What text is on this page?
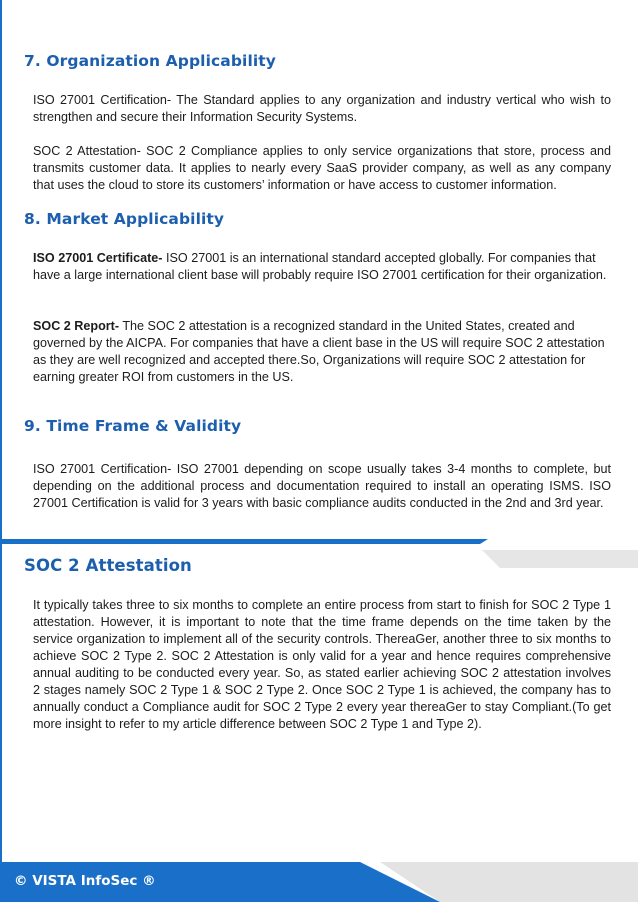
7. Organization Applicability

ISO 27001 Certification- The Standard applies to any organization and industry vertical who wish to strengthen and secure their Information Security Systems.

SOC 2 Attestation- SOC 2 Compliance applies to only service organizations that store, process and transmits customer data. It applies to nearly every SaaS provider company, as well as any company that uses the cloud to store its customers’ information or have access to customer information.

8. Market Applicability

ISO 27001 Certificate- ISO 27001 is an international standard accepted globally. For companies that have a large international client base will probably require ISO 27001 certification for their organization.

SOC 2 Report- The SOC 2 attestation is a recognized standard in the United States, created and governed by the AICPA. For companies that have a client base in the US will require SOC 2 attestation as they are well recognized and accepted there.So, Organizations will require SOC 2 attestation for earning greater ROI from customers in the US.

9. Time Frame & Validity

ISO 27001 Certification- ISO 27001 depending on scope usually takes 3-4 months to complete, but depending on the additional process and documentation required to install an operating ISMS. ISO 27001 Certification is valid for 3 years with basic compliance audits conducted in the 2nd and 3rd year.

SOC 2 Attestation

It typically takes three to six months to complete an entire process from start to finish for SOC 2 Type 1 attestation. However, it is important to note that the time frame depends on the time taken by the service organization to implement all of the security controls. ThereaGer, another three to six months to achieve SOC 2 Type 2. SOC 2 Attestation is only valid for a year and hence requires comprehensive annual auditing to be conducted every year. So, as stated earlier achieving SOC 2 attestation involves 2 stages namely SOC 2 Type 1 & SOC 2 Type 2. Once SOC 2 Type 1 is achieved, the company has to annually conduct a Compliance audit for SOC 2 Type 2 every year thereaGer to stay Compliant.(To get more insight to refer to my article difference between SOC 2 Type 1 and Type 2).

© VISTA InfoSec ®
